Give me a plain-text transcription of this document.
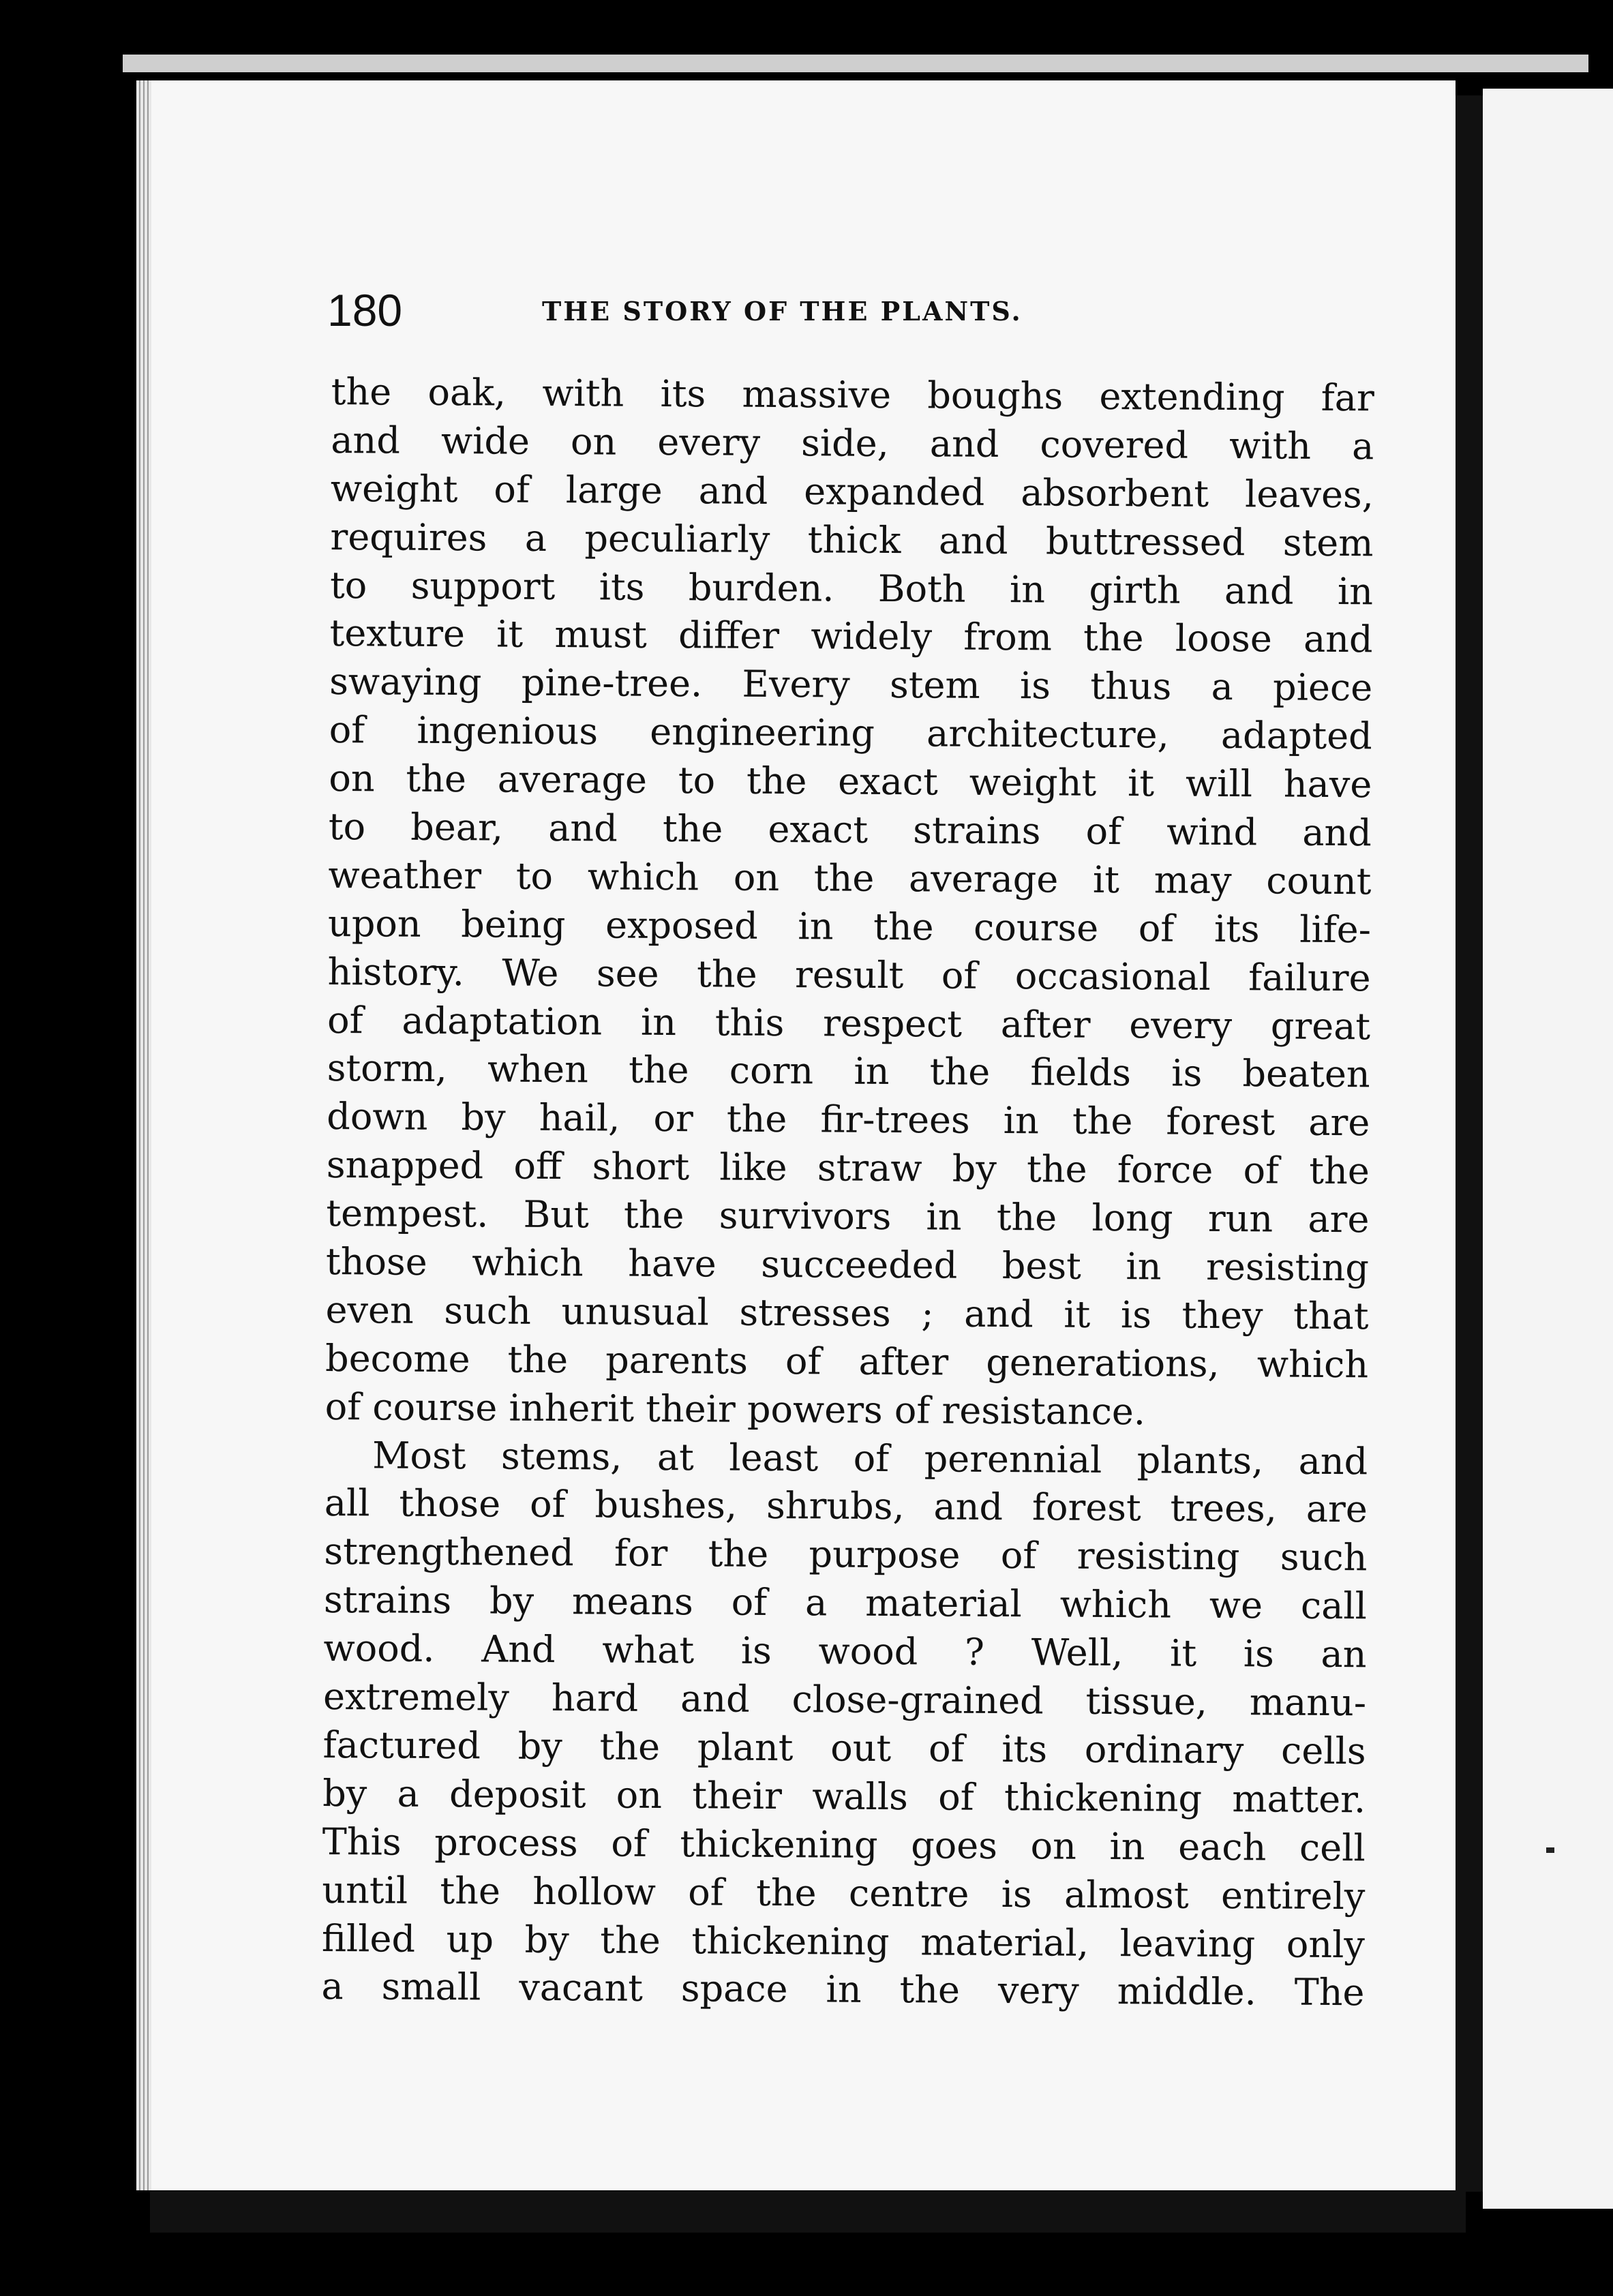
180	THE STORY OF THE PLANTS.
the oak, with its massive boughs extending far
and wide on every side, and covered with a
weight of large and expanded absorbent leaves,
requires a peculiarly thick and buttressed stem
to support its burden. Both in girth and in
texture it must differ widely from the loose and
swaying pine-tree. Every stem is thus a piece
of ingenious engineering architecture, adapted
on the average to the exact weight it will have
to bear, and the exact strains of wind and
weather to which on the average it may count
upon being exposed in the course of its life-
history. We see the result of occasional failure
of adaptation in this respect after every great
storm, when the corn in the fields is beaten
down by hail, or the fir-trees in the forest are
snapped off short like straw by the force of the
tempest. But the survivors in the long run are
those which have succeeded best in resisting
even such unusual stresses ; and it is they that
become the parents of after generations, which
of course inherit their powers of resistance.
Most stems, at least of perennial plants, and
all those of bushes, shrubs, and forest trees, are
strengthened for the purpose of resisting such
strains by means of a material which we call
wood. And what is wood ? Well, it is an
extremely hard and close-grained tissue, manu-
factured by the plant out of its ordinary cells
by a deposit on their walls of thickening matter.
This process of thickening goes on in each cell
until the hollow of the centre is almost entirely
filled up by the thickening material, leaving only
a small vacant space in the very middle. The
